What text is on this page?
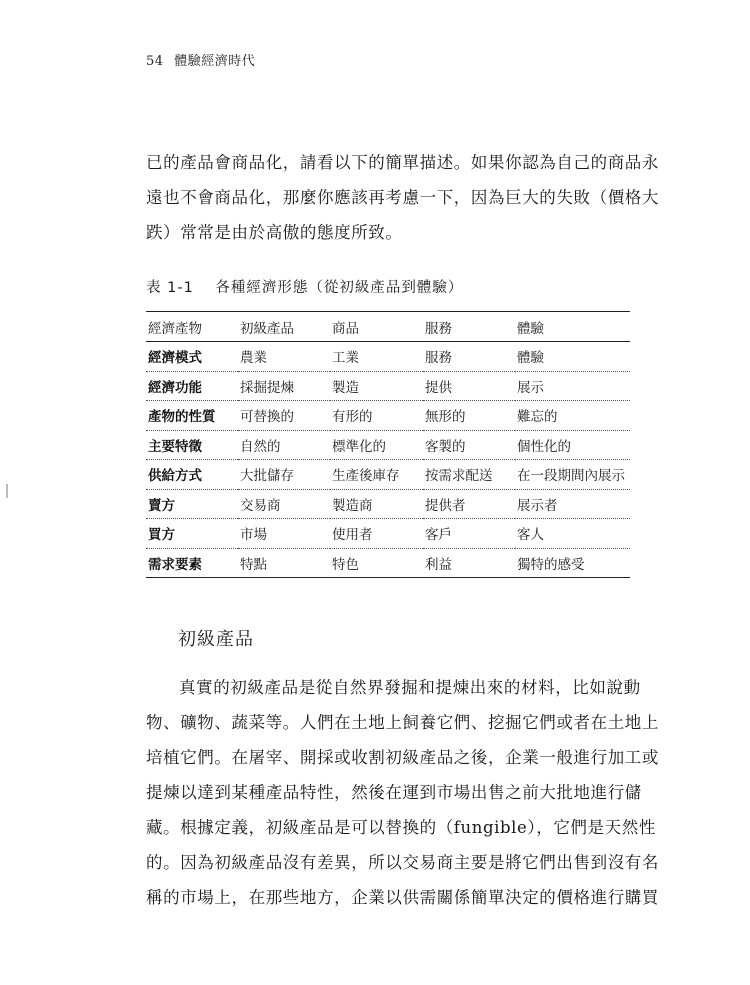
54 體驗經濟時代

已的產品會商品化，請看以下的簡單描述。如果你認為自己的商品永
遠也不會商品化，那麼你應該再考慮一下，因為巨大的失敗（價格大
跌）常常是由於高傲的態度所致。

表 1-1 各種經濟形態（從初級產品到體驗）
經濟產物	初級產品	商品	服務	體驗
經濟模式	農業	工業	服務	體驗
經濟功能	採掘提煉	製造	提供	展示
產物的性質	可替換的	有形的	無形的	難忘的
主要特徵	自然的	標準化的	客製的	個性化的
供給方式	大批儲存	生產後庫存	按需求配送	在一段期間內展示
賣方	交易商	製造商	提供者	展示者
買方	市場	使用者	客戶	客人
需求要素	特點	特色	利益	獨特的感受
初級產品

真實的初級產品是從自然界發掘和提煉出來的材料，比如說動
物、礦物、蔬菜等。人們在土地上飼養它們、挖掘它們或者在土地上
培植它們。在屠宰、開採或收割初級產品之後，企業一般進行加工或
提煉以達到某種產品特性，然後在運到市場出售之前大批地進行儲
藏。根據定義，初級產品是可以替換的（fungible），它們是天然性
的。因為初級產品沒有差異，所以交易商主要是將它們出售到沒有名
稱的市場上，在那些地方，企業以供需關係簡單決定的價格進行購買
